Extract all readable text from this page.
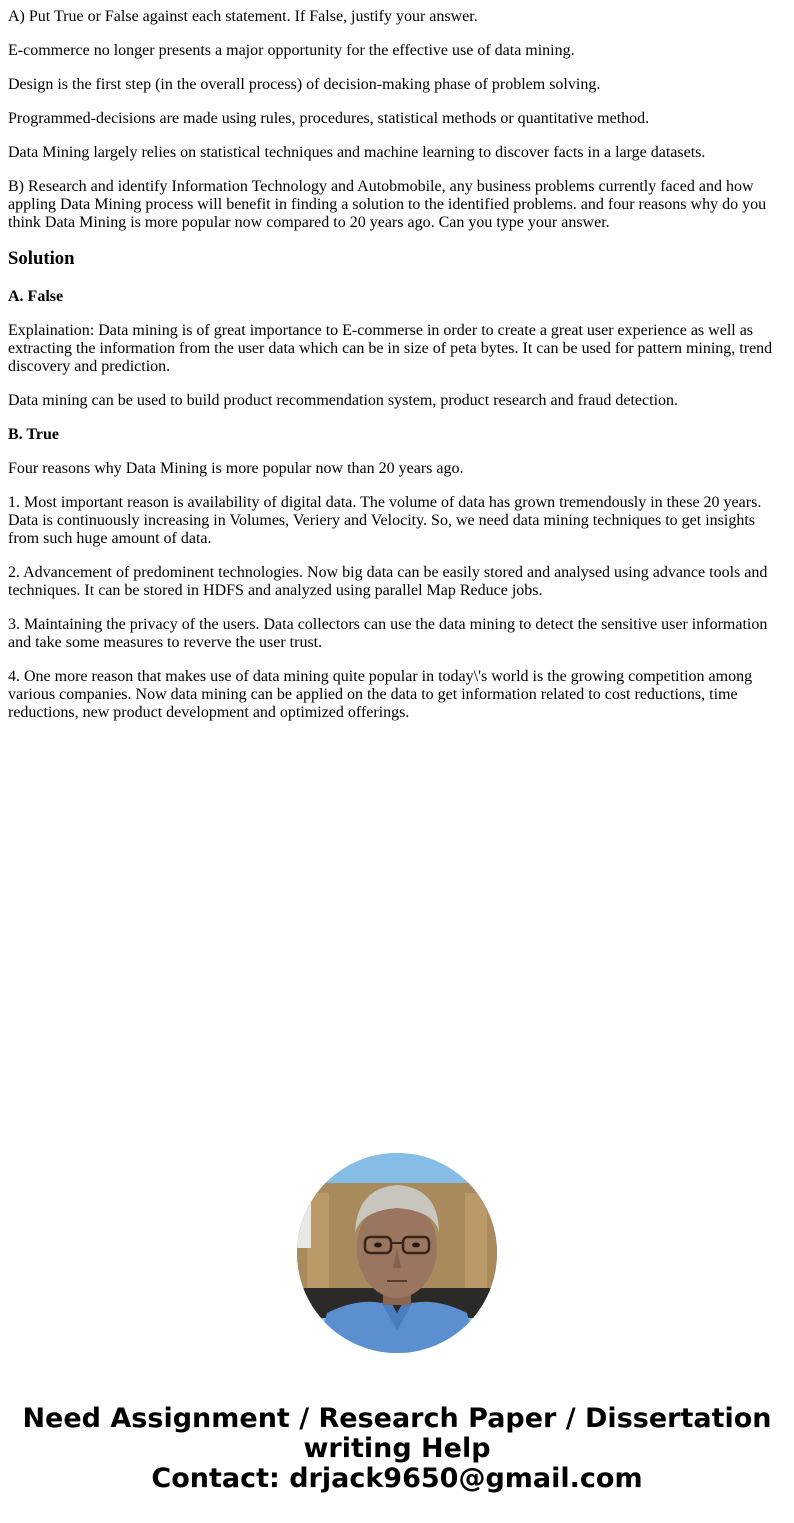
A) Put True or False against each statement. If False, justify your answer.

E-commerce no longer presents a major opportunity for the effective use of data mining.

Design is the first step (in the overall process) of decision-making phase of problem solving.

Programmed-decisions are made using rules, procedures, statistical methods or quantitative method.

Data Mining largely relies on statistical techniques and machine learning to discover facts in a large datasets.

B) Research and identify Information Technology and Autobmobile, any business problems currently faced and how appling Data Mining process will benefit in finding a solution to the identified problems. and four reasons why do you think Data Mining is more popular now compared to 20 years ago. Can you type your answer.

Solution

A. False

Explaination: Data mining is of great importance to E-commerse in order to create a great user experience as well as extracting the information from the user data which can be in size of peta bytes. It can be used for pattern mining, trend discovery and prediction.

Data mining can be used to build product recommendation system, product research and fraud detection.

B. True

Four reasons why Data Mining is more popular now than 20 years ago.

1. Most important reason is availability of digital data. The volume of data has grown tremendously in these 20 years. Data is continuously increasing in Volumes, Veriery and Velocity. So, we need data mining techniques to get insights from such huge amount of data.

2. Advancement of predominent technologies. Now big data can be easily stored and analysed using advance tools and techniques. It can be stored in HDFS and analyzed using parallel Map Reduce jobs.

3. Maintaining the privacy of the users. Data collectors can use the data mining to detect the sensitive user information and take some measures to reverve the user trust.

4. One more reason that makes use of data mining quite popular in today\'s world is the growing competition among various companies. Now data mining can be applied on the data to get information related to cost reductions, time reductions, new product development and optimized offerings.

Need Assignment / Research Paper / Dissertation
writing Help
Contact: drjack9650@gmail.com
